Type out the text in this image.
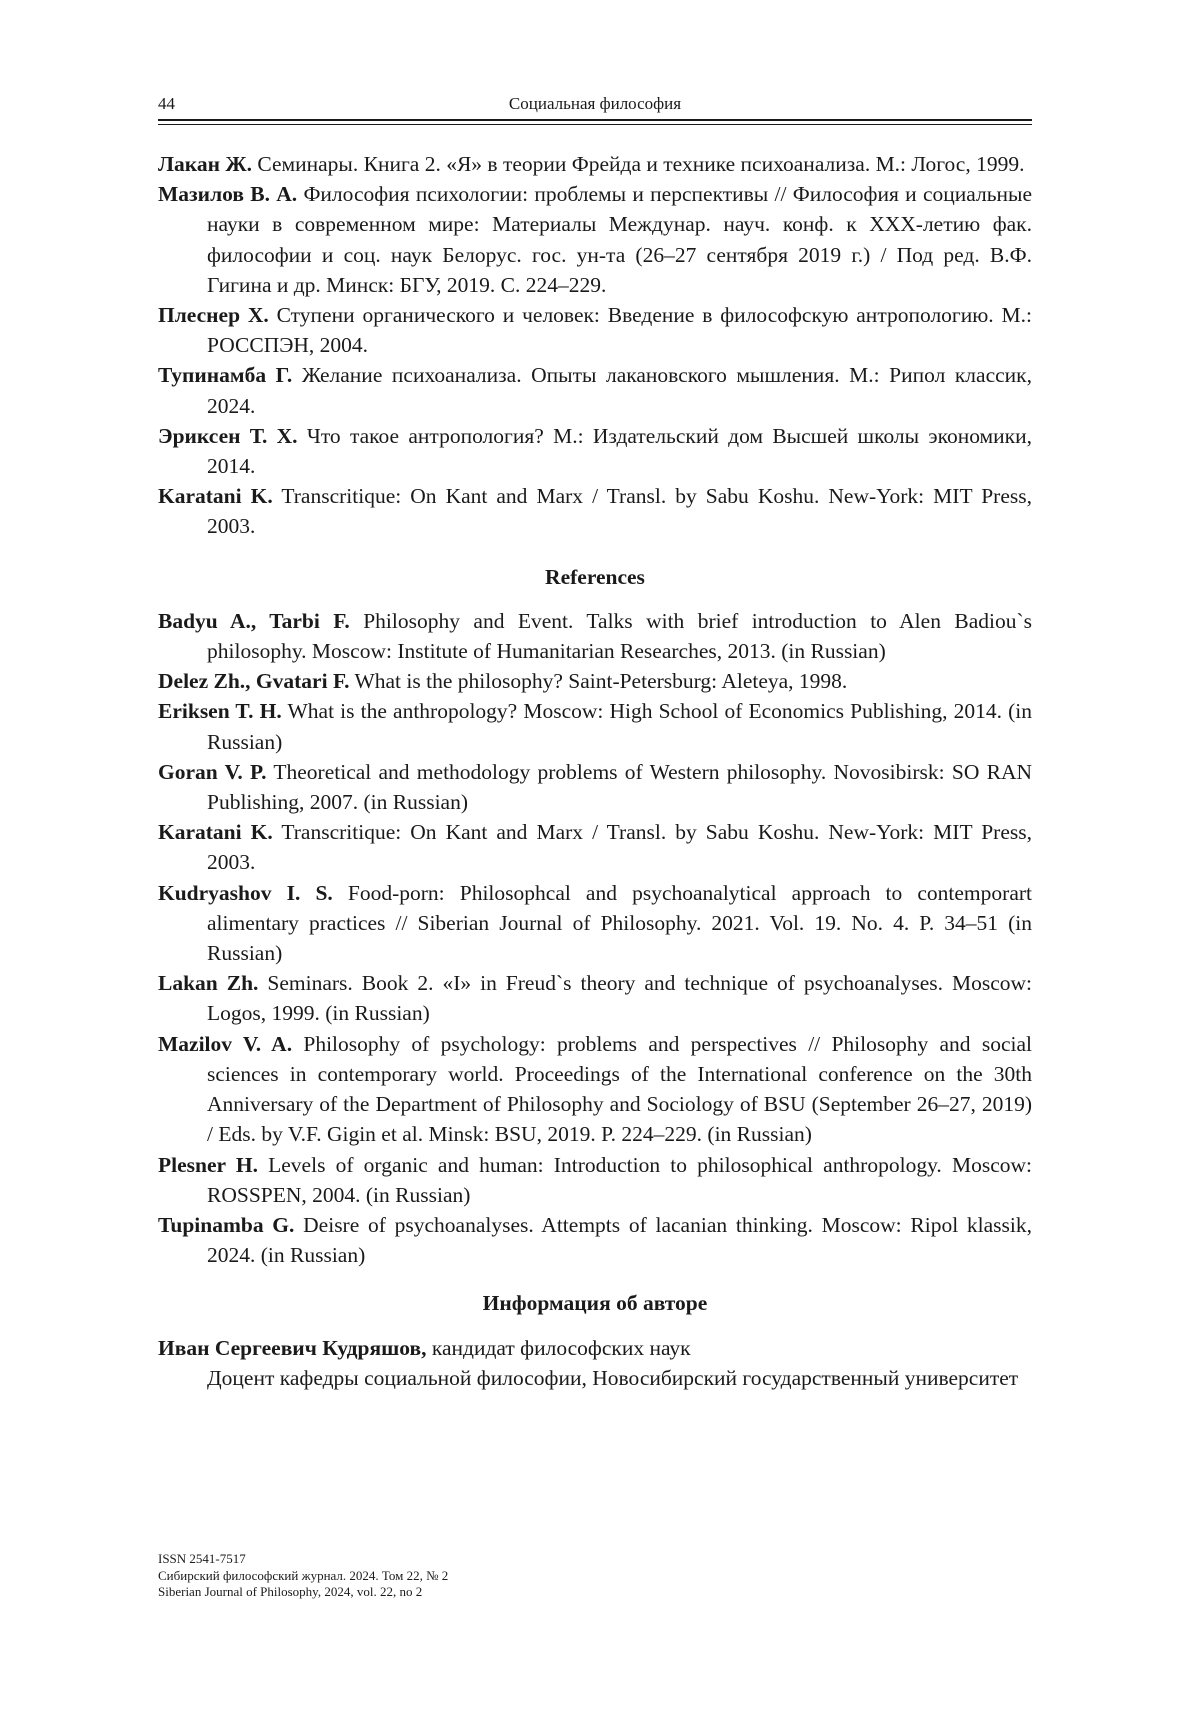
44	Социальная философия

Лакан Ж. Семинары. Книга 2. «Я» в теории Фрейда и технике психоанализа. М.: Логос, 1999.

Мазилов В. А. Философия психологии: проблемы и перспективы // Философия и социальные науки в современном мире: Материалы Междунар. науч. конф. к XXX-летию фак. философии и соц. наук Белорус. гос. ун-та (26–27 сентября 2019 г.) / Под ред. В.Ф. Гигина и др. Минск: БГУ, 2019. С. 224–229.

Плеснер Х. Ступени органического и человек: Введение в философскую антропологию. М.: РОССПЭН, 2004.

Тупинамба Г. Желание психоанализа. Опыты лакановского мышления. М.: Рипол классик, 2024.

Эриксен Т. Х. Что такое антропология? М.: Издательский дом Высшей школы экономики, 2014.

Karatani K. Transcritique: On Kant and Marx / Transl. by Sabu Koshu. New-York: MIT Press, 2003.

References

Badyu A., Tarbi F. Philosophy and Event. Talks with brief introduction to Alen Badiou`s philosophy. Moscow: Institute of Humanitarian Researches, 2013. (in Russian)

Delez Zh., Gvatari F. What is the philosophy? Saint-Petersburg: Aleteya, 1998.

Eriksen T. H. What is the anthropology? Moscow: High School of Economics Publishing, 2014. (in Russian)

Goran V. P. Theoretical and methodology problems of Western philosophy. Novosibirsk: SO RAN Publishing, 2007. (in Russian)

Karatani K. Transcritique: On Kant and Marx / Transl. by Sabu Koshu. New-York: MIT Press, 2003.

Kudryashov I. S. Food-porn: Philosophcal and psychoanalytical approach to contemporart alimentary practices // Siberian Journal of Philosophy. 2021. Vol. 19. No. 4. P. 34–51 (in Russian)

Lakan Zh. Seminars. Book 2. «I» in Freud`s theory and technique of psychoanalyses. Moscow: Logos, 1999. (in Russian)

Mazilov V. A. Philosophy of psychology: problems and perspectives // Philosophy and social sciences in contemporary world. Proceedings of the International conference on the 30th Anniversary of the Department of Philosophy and Sociology of BSU (September 26–27, 2019) / Eds. by V.F. Gigin et al. Minsk: BSU, 2019. P. 224–229. (in Russian)

Plesner H. Levels of organic and human: Introduction to philosophical anthropology. Moscow: ROSSPEN, 2004. (in Russian)

Tupinamba G. Deisre of psychoanalyses. Attempts of lacanian thinking. Moscow: Ripol klassik, 2024. (in Russian)

Информация об авторе
Иван Сергеевич Кудряшов, кандидат философских наук
Доцент кафедры социальной философии, Новосибирский государственный университет
ISSN 2541-7517
Сибирский философский журнал. 2024. Том 22, № 2
Siberian Journal of Philosophy, 2024, vol. 22, no 2
